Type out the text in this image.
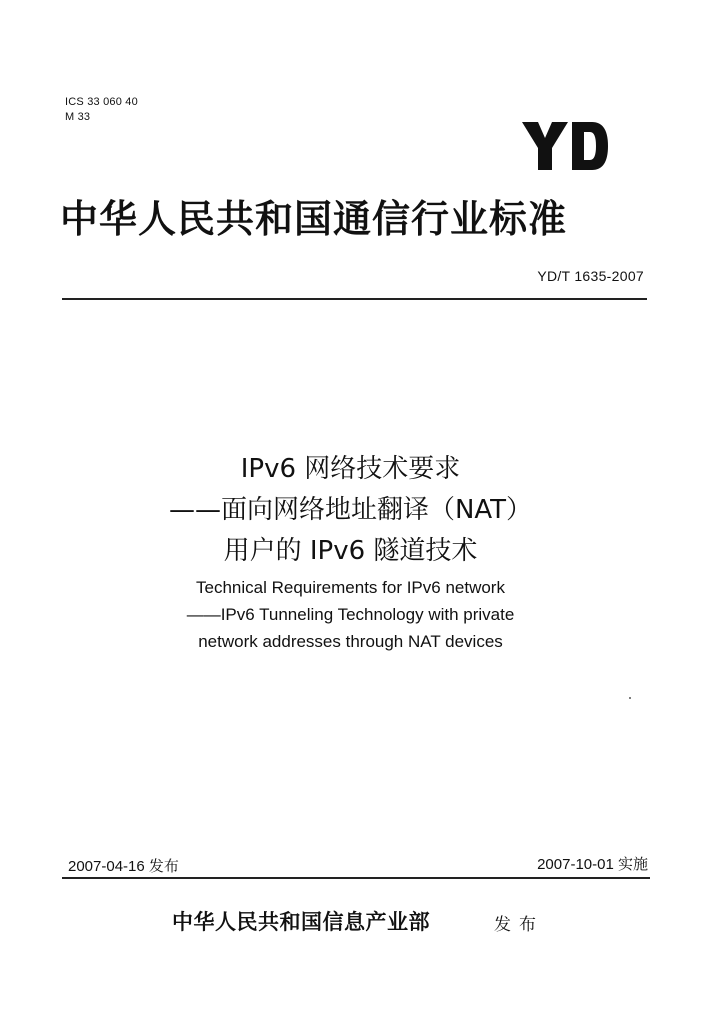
ICS 33 060 40
M 33
中华人民共和国通信行业标准
YD/T 1635-2007
IPv6 网络技术要求
——面向网络地址翻译（NAT）
用户的 IPv6 隧道技术
Technical Requirements for IPv6 network
——IPv6 Tunneling Technology with private
network addresses through NAT devices
2007-04-16 发布	2007-10-01 实施
中华人民共和国信息产业部	发布
